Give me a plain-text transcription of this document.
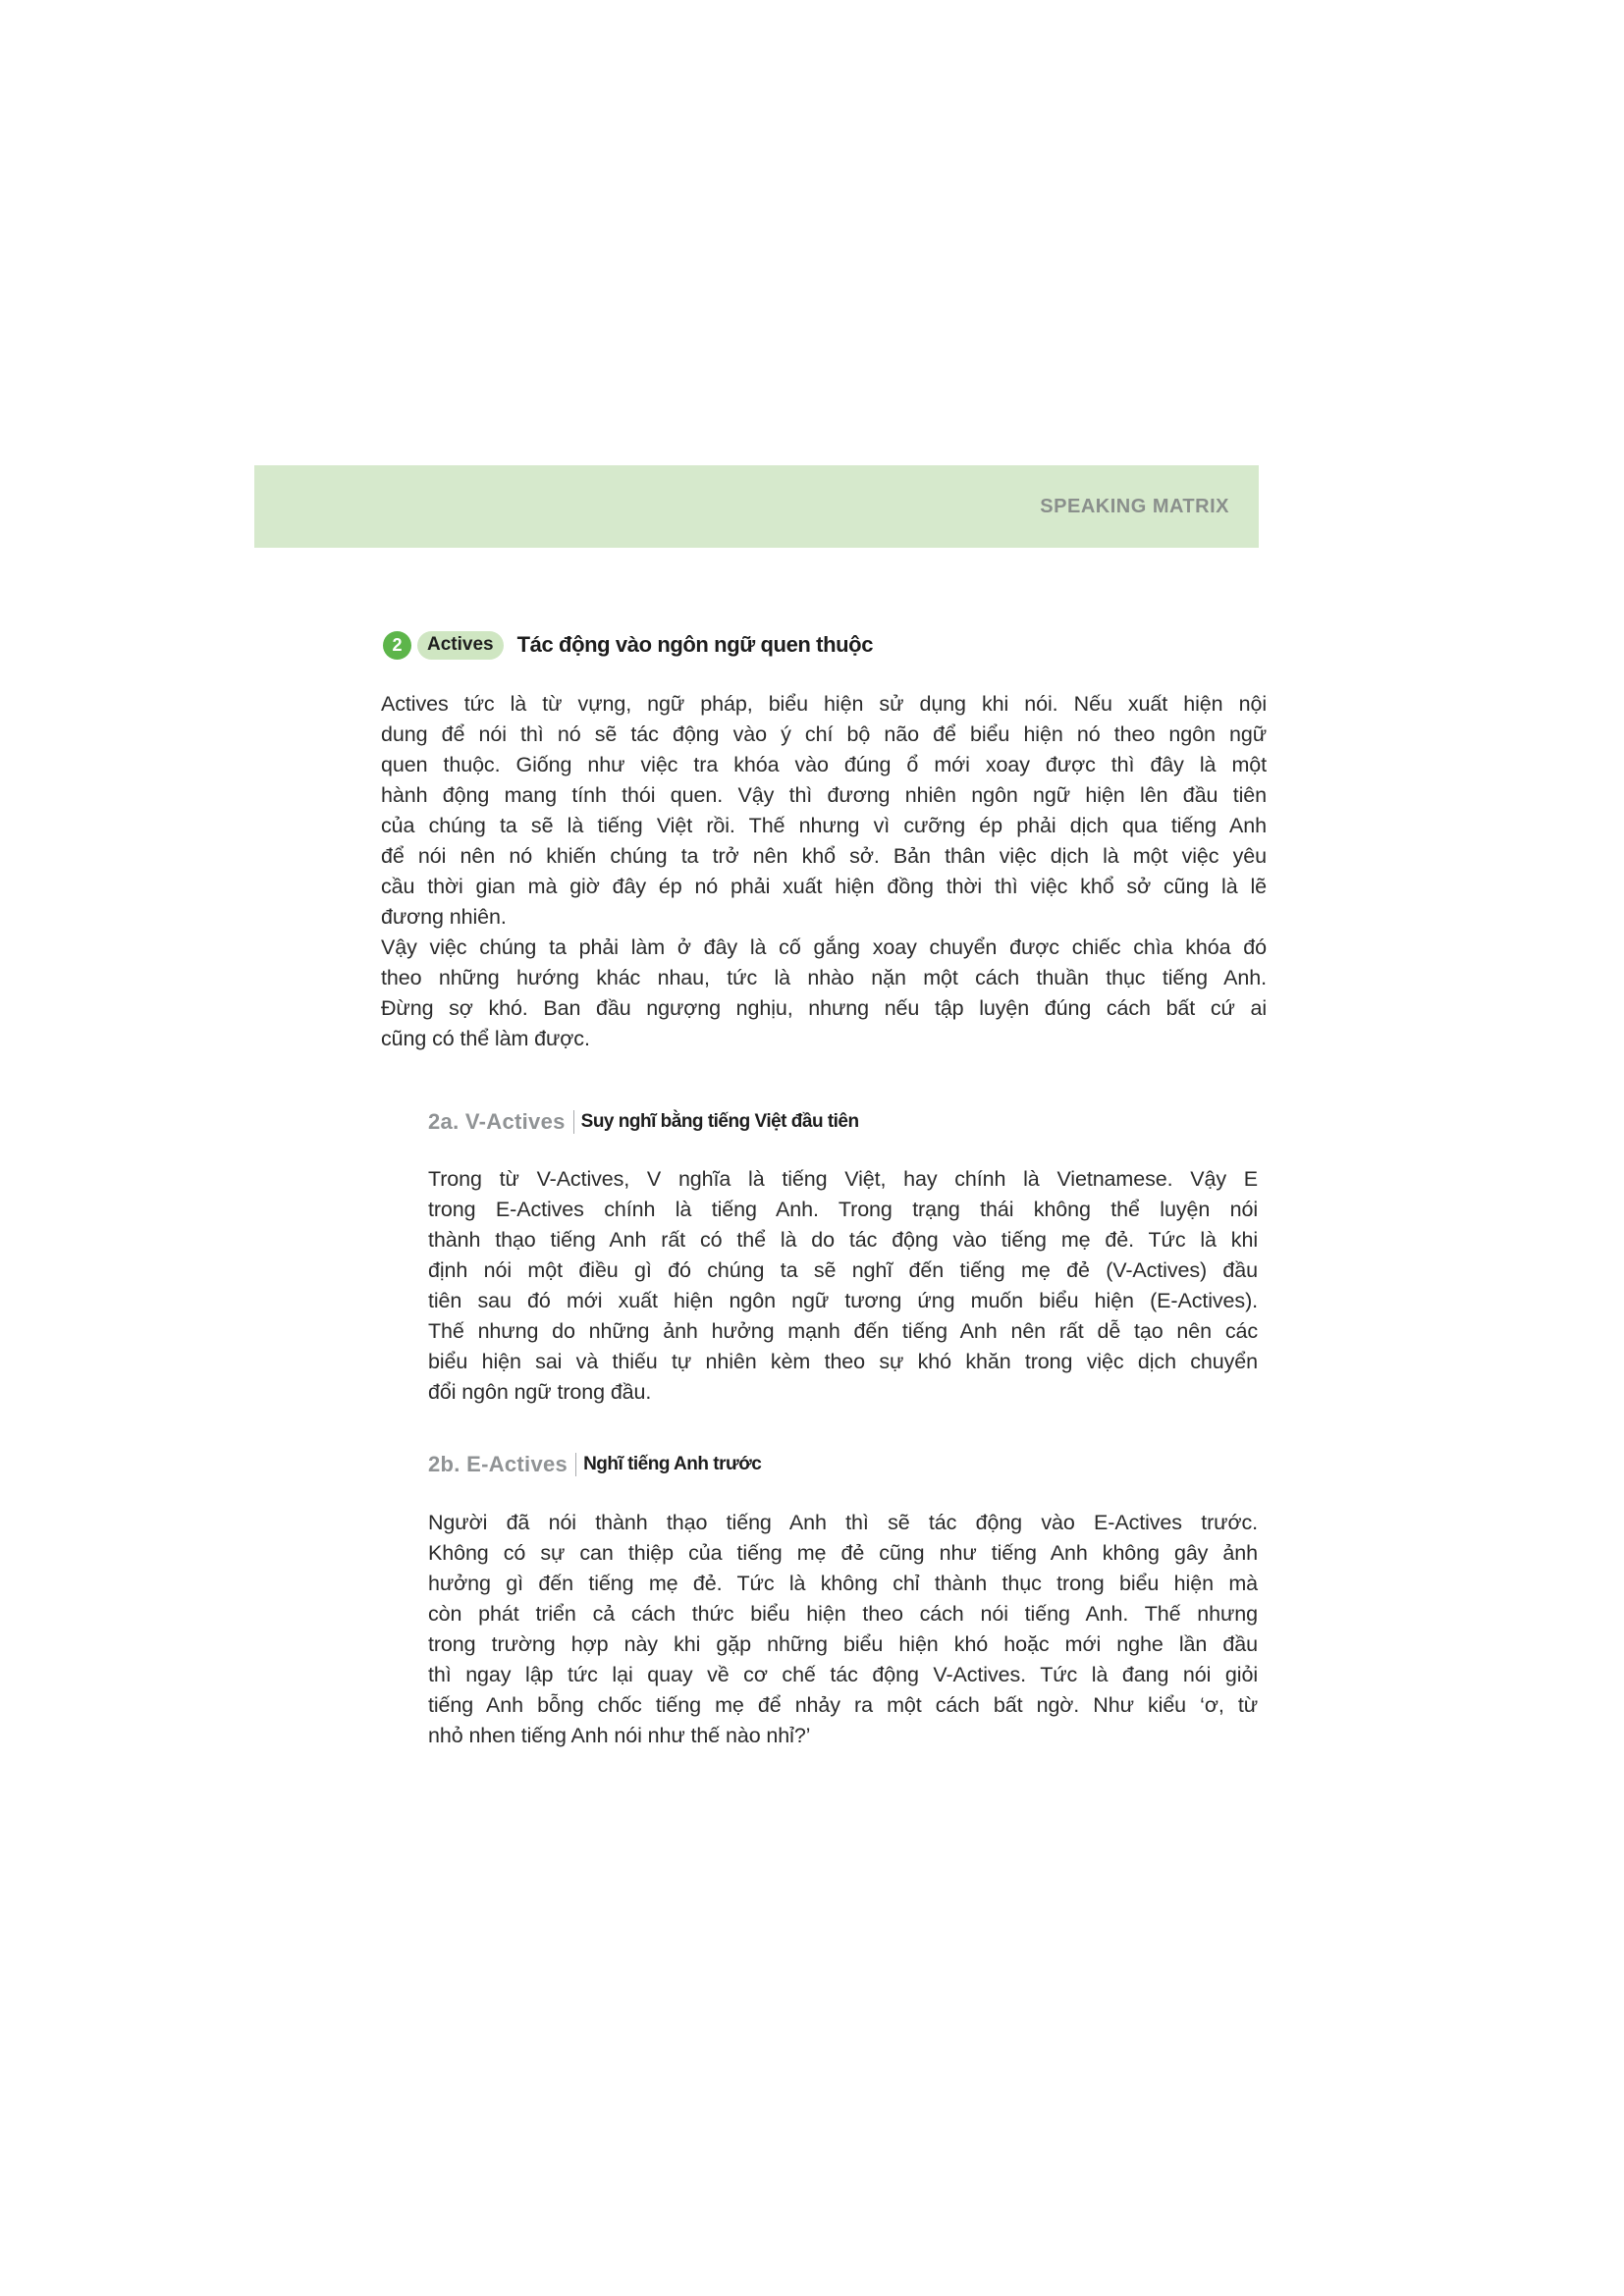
SPEAKING MATRIX
2	Actives	Tác động vào ngôn ngữ quen thuộc
Actives tức là từ vựng, ngữ pháp, biểu hiện sử dụng khi nói. Nếu xuất hiện nội
dung để nói thì nó sẽ tác động vào ý chí bộ não để biểu hiện nó theo ngôn ngữ
quen thuộc. Giống như việc tra khóa vào đúng ổ mới xoay được thì đây là một
hành động mang tính thói quen. Vậy thì đương nhiên ngôn ngữ hiện lên đầu tiên
của chúng ta sẽ là tiếng Việt rồi. Thế nhưng vì cưỡng ép phải dịch qua tiếng Anh
để nói nên nó khiến chúng ta trở nên khổ sở. Bản thân việc dịch là một việc yêu
cầu thời gian mà giờ đây ép nó phải xuất hiện đồng thời thì việc khổ sở cũng là lẽ
đương nhiên.
Vậy việc chúng ta phải làm ở đây là cố gắng xoay chuyển được chiếc chìa khóa đó
theo những hướng khác nhau, tức là nhào nặn một cách thuần thục tiếng Anh.
Đừng sợ khó. Ban đầu ngượng nghịu, nhưng nếu tập luyện đúng cách bất cứ ai
cũng có thể làm được.
2a. V-Actives Suy nghĩ bằng tiếng Việt đầu tiên
Trong từ V-Actives, V nghĩa là tiếng Việt, hay chính là Vietnamese. Vậy E
trong E-Actives chính là tiếng Anh. Trong trạng thái không thể luyện nói
thành thạo tiếng Anh rất có thể là do tác động vào tiếng mẹ đẻ. Tức là khi
định nói một điều gì đó chúng ta sẽ nghĩ đến tiếng mẹ đẻ (V-Actives) đầu
tiên sau đó mới xuất hiện ngôn ngữ tương ứng muốn biểu hiện (E-Actives).
Thế nhưng do những ảnh hưởng mạnh đến tiếng Anh nên rất dễ tạo nên các
biểu hiện sai và thiếu tự nhiên kèm theo sự khó khăn trong việc dịch chuyển
đổi ngôn ngữ trong đầu.
2b. E-Actives Nghĩ tiếng Anh trước
Người đã nói thành thạo tiếng Anh thì sẽ tác động vào E-Actives trước.
Không có sự can thiệp của tiếng mẹ đẻ cũng như tiếng Anh không gây ảnh
hưởng gì đến tiếng mẹ đẻ. Tức là không chỉ thành thục trong biểu hiện mà
còn phát triển cả cách thức biểu hiện theo cách nói tiếng Anh. Thế nhưng
trong trường hợp này khi gặp những biểu hiện khó hoặc mới nghe lần đầu
thì ngay lập tức lại quay về cơ chế tác động V-Actives. Tức là đang nói giỏi
tiếng Anh bỗng chốc tiếng mẹ để nhảy ra một cách bất ngờ. Như kiểu ‘ơ, từ
nhỏ nhen tiếng Anh nói như thế nào nhỉ?’
